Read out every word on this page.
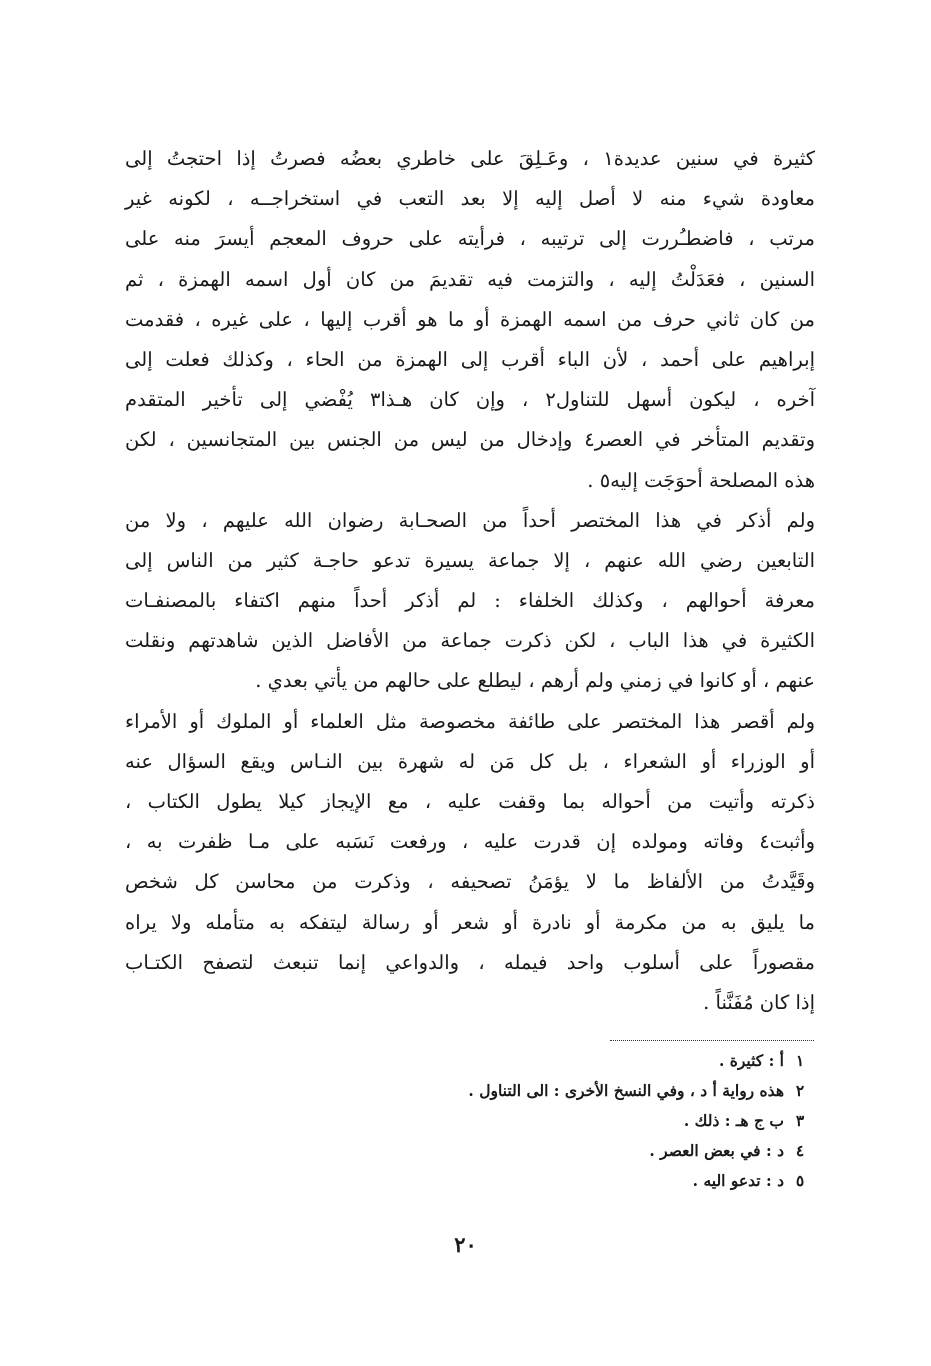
كثيرة في سنين عديدة١ ، وعَـلِقَ على خاطري بعضُه فصرتُ إذا احتجتُ إلى
معاودة شيء منه لا أصل إليه إلا بعد التعب في استخراجــه ، لكونه غير
مرتب ، فاضطـُررت إلى ترتيبه ، فرأيته على حروف المعجم أيسرَ منه على
السنين ، فعَدَلْتُ إليه ، والتزمت فيه تقديمَ من كان أول اسمه الهمزة ، ثم
من كان ثاني حرف من اسمه الهمزة أو ما هو أقرب إليها ، على غيره ، فقدمت
إبراهيم على أحمد ، لأن الباء أقرب إلى الهمزة من الحاء ، وكذلك فعلت إلى
آخره ، ليكون أسهل للتناول٢ ، وإن كان هـذا٣ يُفْضي إلى تأخير المتقدم
وتقديم المتأخر في العصر٤ وإدخال من ليس من الجنس بين المتجانسين ، لكن
هذه المصلحة أحوَجَت إليه٥ .
ولم أذكر في هذا المختصر أحداً من الصحـابة رضوان الله عليهم ، ولا من
التابعين رضي الله عنهم ، إلا جماعة يسيرة تدعو حاجـة كثير من الناس إلى
معرفة أحوالهم ، وكذلك الخلفاء : لم أذكر أحداً منهم اكتفاء بالمصنفـات
الكثيرة في هذا الباب ، لكن ذكرت جماعة من الأفاضل الذين شاهدتهم ونقلت
عنهم ، أو كانوا في زمني ولم أرهم ، ليطلع على حالهم من يأتي بعدي .
ولم أقصر هذا المختصر على طائفة مخصوصة مثل العلماء أو الملوك أو الأمراء
أو الوزراء أو الشعراء ، بل كل مَن له شهرة بين النـاس ويقع السؤال عنه
ذكرته وأتيت من أحواله بما وقفت عليه ، مع الإيجاز كيلا يطول الكتاب ،
وأثبت٤ وفاته ومولده إن قدرت عليه ، ورفعت نَسَبه على مـا ظفرت به ،
وقَيَّدتُ من الألفاظ ما لا يؤمَنُ تصحيفه ، وذكرت من محاسن كل شخص
ما يليق به من مكرمة أو نادرة أو شعر أو رسالة ليتفكه به متأمله ولا يراه
مقصوراً على أسلوب واحد فيمله ، والدواعي إنما تنبعث لتصفح الكتـاب
إذا كان مُفَنَّناً .
١
أ : كثيرة .
٢
هذه رواية أ د ، وفي النسخ الأخرى : الى التناول .
٣
ب ج هـ : ذلك .
٤
د : في بعض العصر .
٥
د : تدعو اليه .
٢٠
